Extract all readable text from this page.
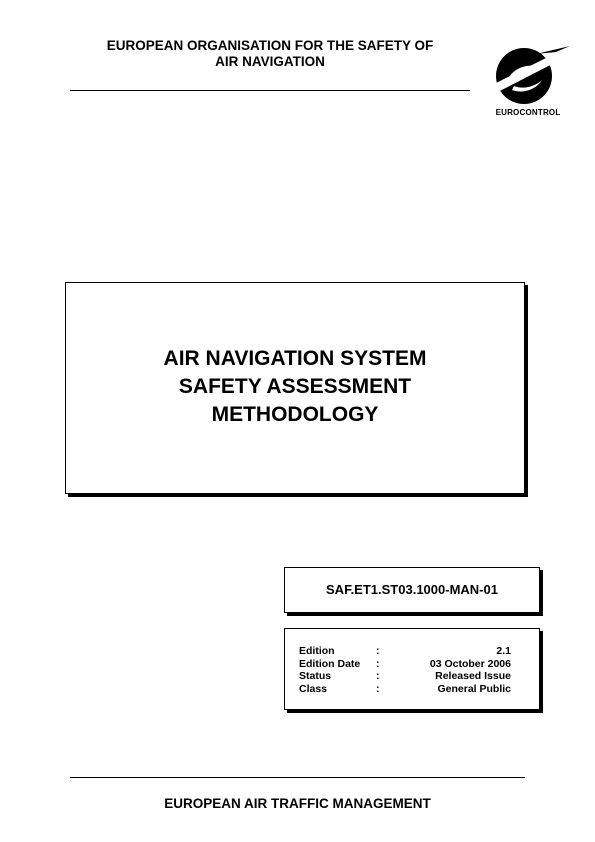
EUROPEAN ORGANISATION FOR THE SAFETY OF
AIR NAVIGATION
EUROCONTROL
AIR NAVIGATION SYSTEM
SAFETY ASSESSMENT
METHODOLOGY
SAF.ET1.ST03.1000-MAN-01
Edition	:	2.1
Edition Date :	03 October 2006
Status	:	Released Issue
Class	:	General Public
EUROPEAN AIR TRAFFIC MANAGEMENT
